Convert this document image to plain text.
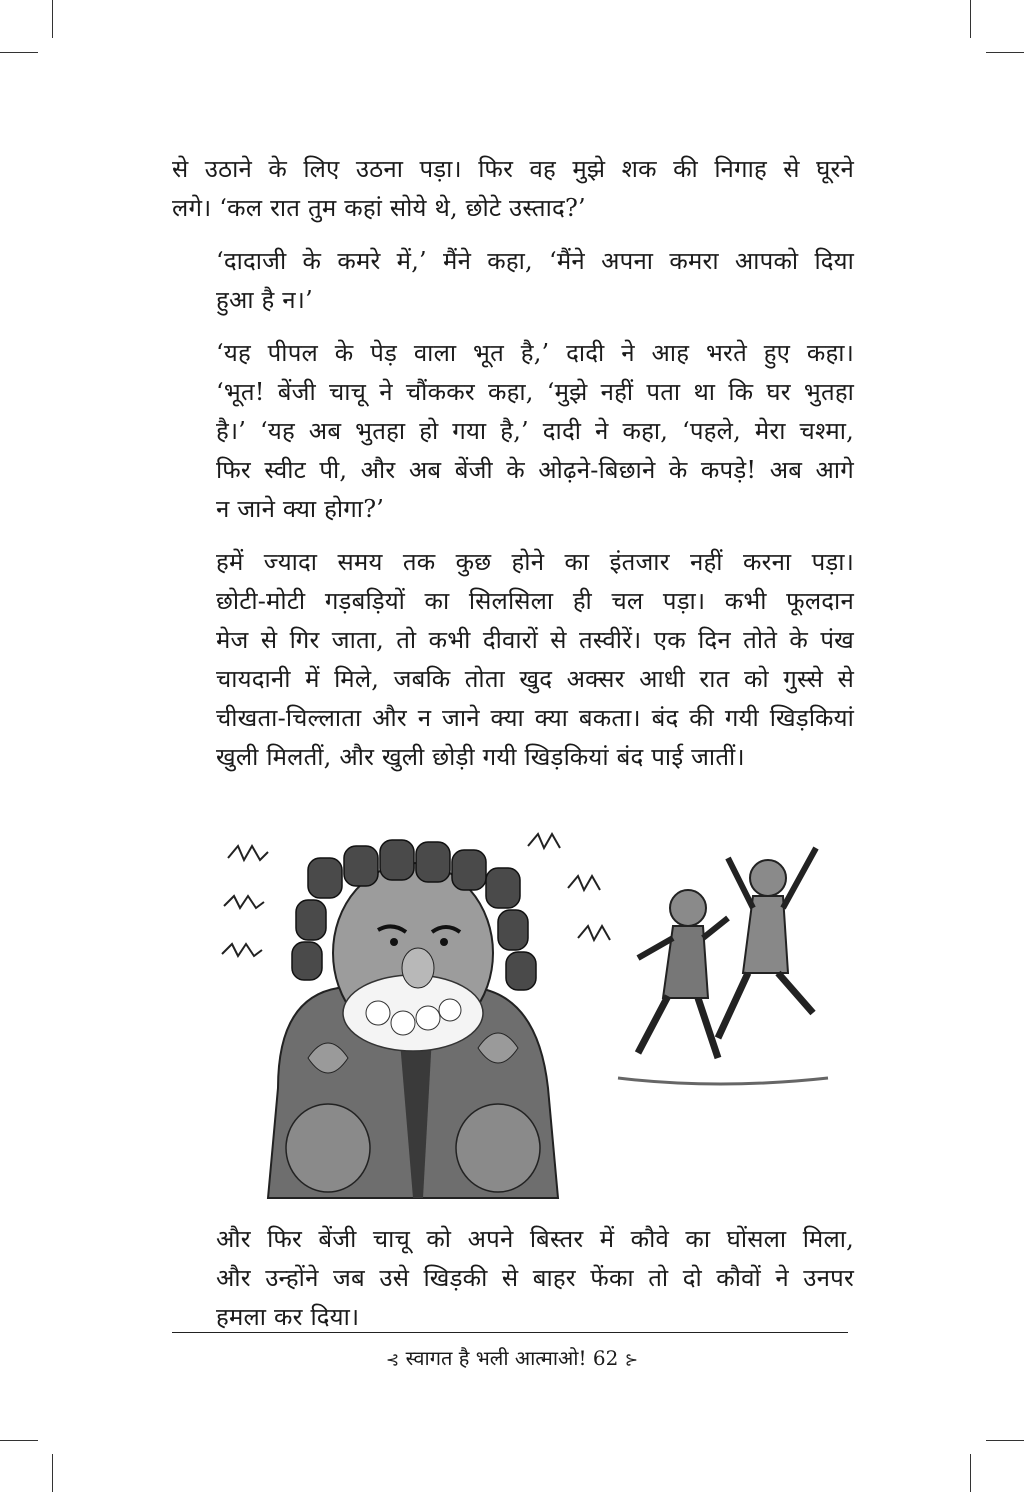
से उठाने के लिए उठना पड़ा। फिर वह मुझे शक की निगाह से घूरने
लगे। ‘कल रात तुम कहां सोये थे, छोटे उस्ताद?’

‘दादाजी के कमरे में,’ मैंने कहा, ‘मैंने अपना कमरा आपको दिया
हुआ है न।’

‘यह पीपल के पेड़ वाला भूत है,’ दादी ने आह भरते हुए कहा।
‘भूत! बेंजी चाचू ने चौंककर कहा, ‘मुझे नहीं पता था कि घर भुतहा
है।’ ‘यह अब भुतहा हो गया है,’ दादी ने कहा, ‘पहले, मेरा चश्मा,
फिर स्वीट पी, और अब बेंजी के ओढ़ने-बिछाने के कपड़े! अब आगे
न जाने क्या होगा?’

हमें ज्यादा समय तक कुछ होने का इंतजार नहीं करना पड़ा।
छोटी-मोटी गड़बड़ियों का सिलसिला ही चल पड़ा। कभी फूलदान
मेज से गिर जाता, तो कभी दीवारों से तस्वीरें। एक दिन तोते के पंख
चायदानी में मिले, जबकि तोता खुद अक्सर आधी रात को गुस्से से
चीखता-चिल्लाता और न जाने क्या क्या बकता। बंद की गयी खिड़कियां
खुली मिलतीं, और खुली छोड़ी गयी खिड़कियां बंद पाई जातीं।

और फिर बेंजी चाचू को अपने बिस्तर में कौवे का घोंसला मिला,
और उन्होंने जब उसे खिड़की से बाहर फेंका तो दो कौवों ने उनपर
हमला कर दिया।

⊰ स्वागत है भली आत्माओ! 62 ⊱
